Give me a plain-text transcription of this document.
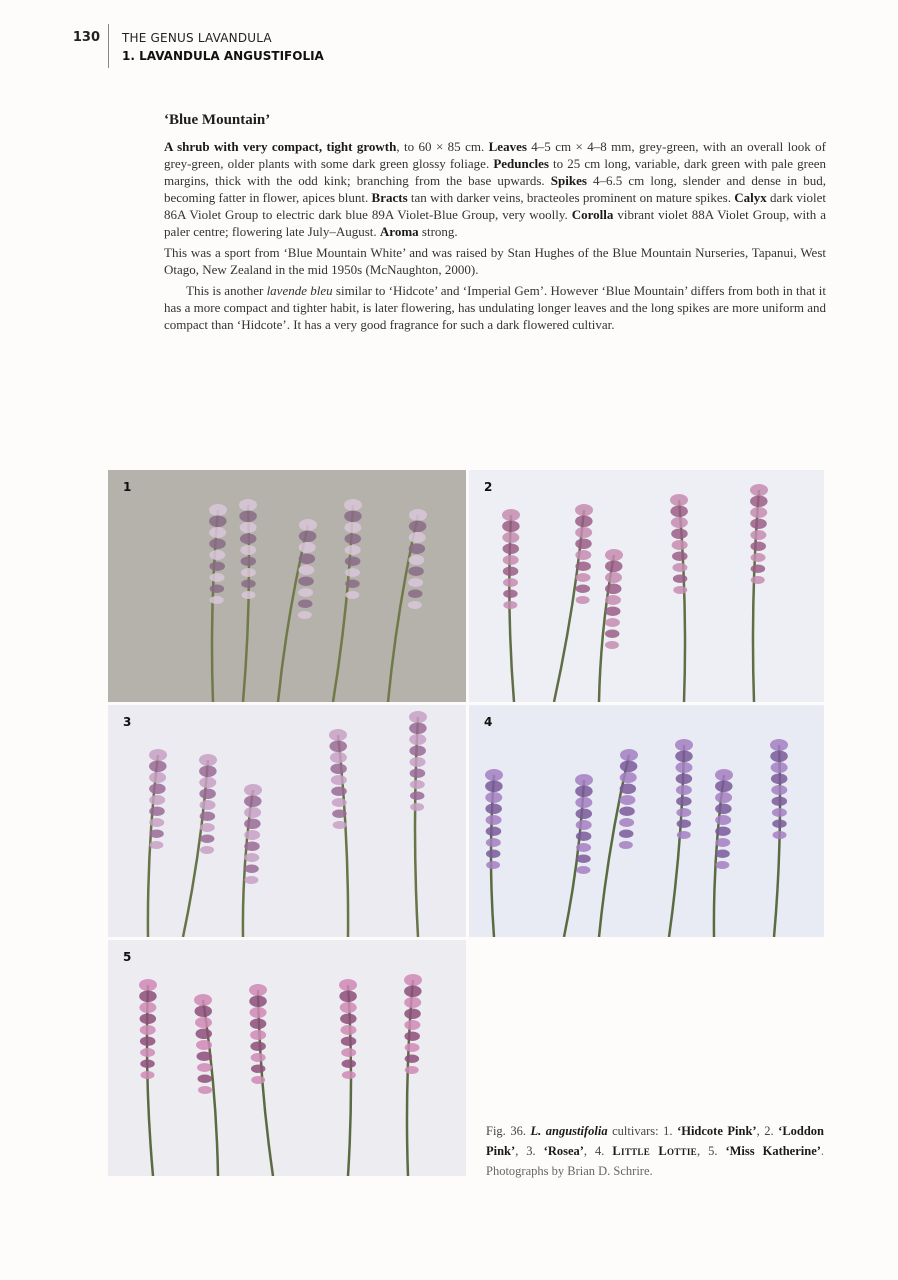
130 THE GENUS LAVANDULA
1. LAVANDULA ANGUSTIFOLIA
‘Blue Mountain’

A shrub with very compact, tight growth, to 60 × 85 cm. Leaves 4–5 cm × 4–8 mm, grey-green, with an overall look of grey-green, older plants with some dark green glossy foliage. Peduncles to 25 cm long, variable, dark green with pale green margins, thick with the odd kink; branching from the base upwards. Spikes 4–6.5 cm long, slender and dense in bud, becoming fatter in flower, apices blunt. Bracts tan with darker veins, bracteoles prominent on mature spikes. Calyx dark violet 86A Violet Group to electric dark blue 89A Violet-Blue Group, very woolly. Corolla vibrant violet 88A Violet Group, with a paler centre; flowering late July–August. Aroma strong.

This was a sport from ‘Blue Mountain White’ and was raised by Stan Hughes of the Blue Mountain Nurseries, Tapanui, West Otago, New Zealand in the mid 1950s (McNaughton, 2000).

This is another lavende bleu similar to ‘Hidcote’ and ‘Imperial Gem’. However ‘Blue Mountain’ differs from both in that it has a more compact and tighter habit, is later flowering, has undulating longer leaves and the long spikes are more uniform and compact than ‘Hidcote’. It has a very good fragrance for such a dark flowered cultivar.

1	2
3	4
5
Fig. 36. L. angustifolia cultivars: 1. ‘Hidcote Pink’, 2. ‘Loddon Pink’, 3. ‘Rosea’, 4. Little Lottie, 5. ‘Miss Katherine’. Photographs by Brian D. Schrire.
